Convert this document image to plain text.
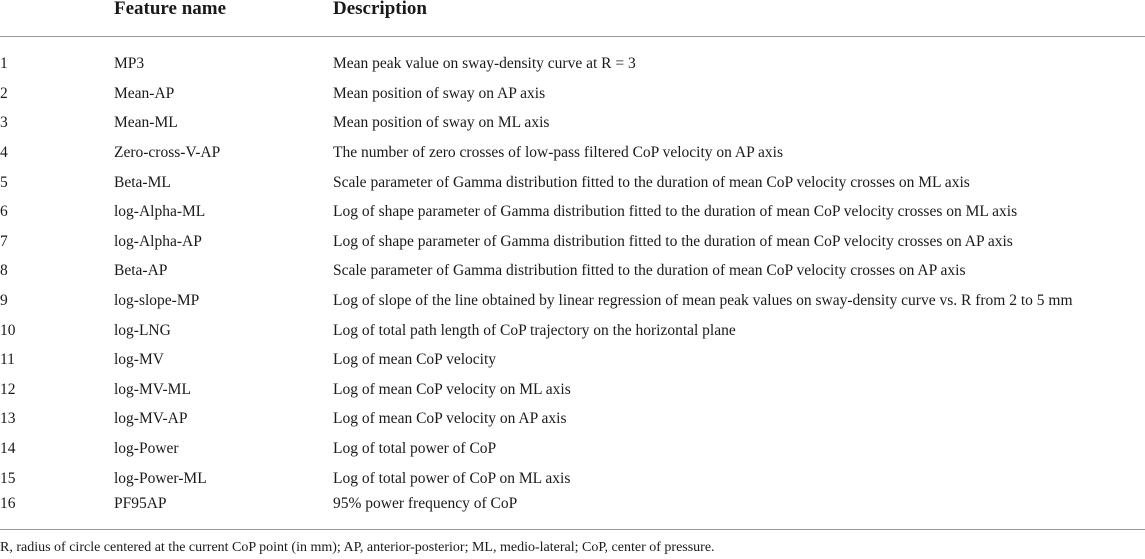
	Feature name	Description
1	MP3	Mean peak value on sway-density curve at R = 3
2	Mean-AP	Mean position of sway on AP axis
3	Mean-ML	Mean position of sway on ML axis
4	Zero-cross-V-AP	The number of zero crosses of low-pass filtered CoP velocity on AP axis
5	Beta-ML	Scale parameter of Gamma distribution fitted to the duration of mean CoP velocity crosses on ML axis
6	log-Alpha-ML	Log of shape parameter of Gamma distribution fitted to the duration of mean CoP velocity crosses on ML axis
7	log-Alpha-AP	Log of shape parameter of Gamma distribution fitted to the duration of mean CoP velocity crosses on AP axis
8	Beta-AP	Scale parameter of Gamma distribution fitted to the duration of mean CoP velocity crosses on AP axis
9	log-slope-MP	Log of slope of the line obtained by linear regression of mean peak values on sway-density curve vs. R from 2 to 5 mm
10	log-LNG	Log of total path length of CoP trajectory on the horizontal plane
11	log-MV	Log of mean CoP velocity
12	log-MV-ML	Log of mean CoP velocity on ML axis
13	log-MV-AP	Log of mean CoP velocity on AP axis
14	log-Power	Log of total power of CoP
15	log-Power-ML	Log of total power of CoP on ML axis
16	PF95AP	95% power frequency of CoP
R, radius of circle centered at the current CoP point (in mm); AP, anterior-posterior; ML, medio-lateral; CoP, center of pressure.
